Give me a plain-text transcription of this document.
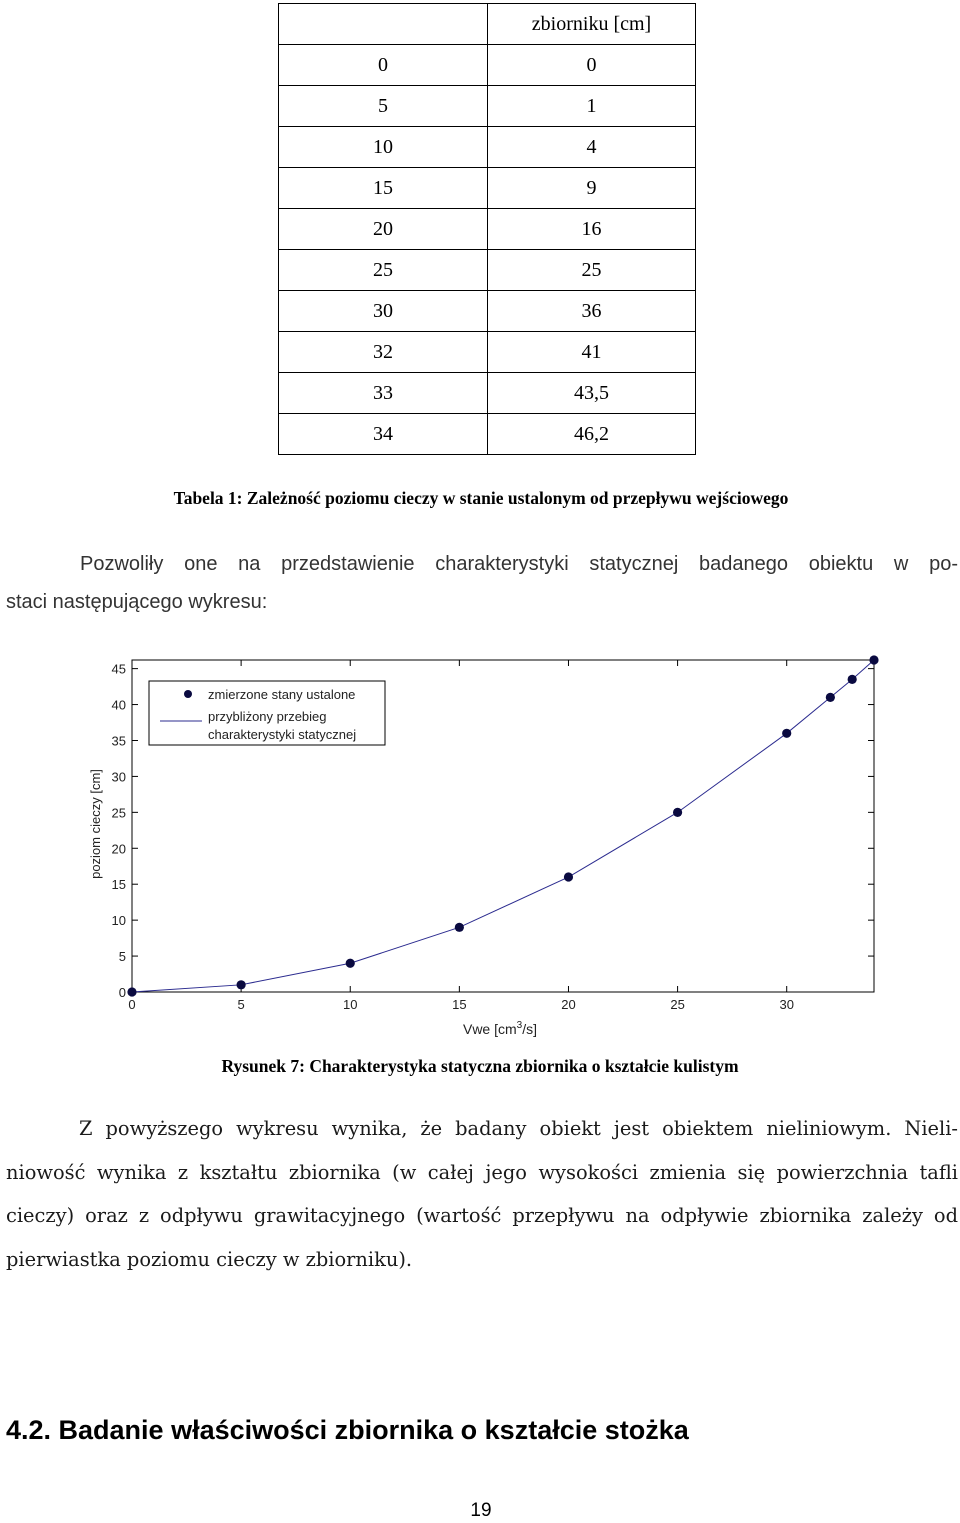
	zbiorniku [cm]
0	0
5	1
10	4
15	9
20	16
25	25
30	36
32	41
33	43,5
34	46,2
Tabela 1: Zależność poziomu cieczy w stanie ustalonym od przepływu wejściowego
Pozwoliły one na przedstawienie charakterystyki statycznej badanego obiektu w po-
staci następującego wykresu:
0	5	10	15	20	25	30
0
5
10
15
20
25
30
35
40
45
poziom cieczy [cm]
Vwe $[cm^3/s]$
zmierzone stany ustalone
przybliżony przebieg
charakterystyki statycznej
Rysunek 7: Charakterystyka statyczna zbiornika o kształcie kulistym
Z powyższego wykresu wynika, że badany obiekt jest obiektem nieliniowym. Nieli-
niowość wynika z kształtu zbiornika (w całej jego wysokości zmienia się powierzchnia tafli
cieczy) oraz z odpływu grawitacyjnego (wartość przepływu na odpływie zbiornika zależy od
pierwiastka poziomu cieczy w zbiorniku).
4.2. Badanie właściwości zbiornika o kształcie stożka
19
